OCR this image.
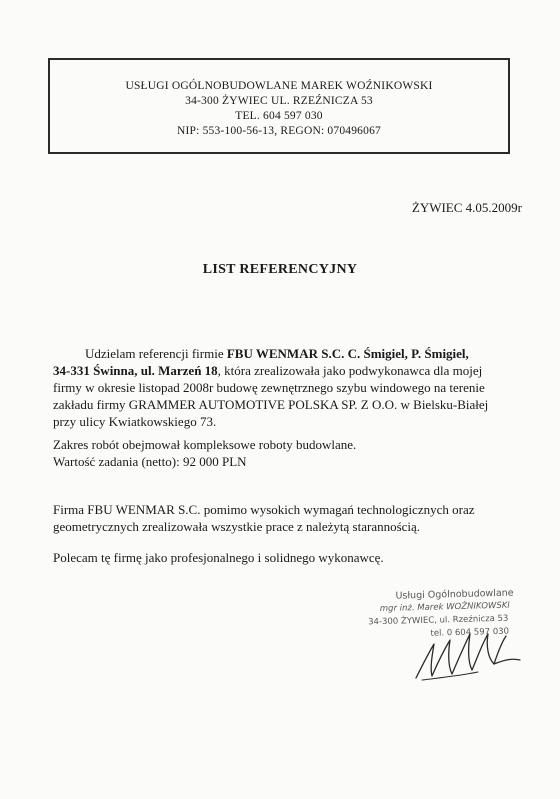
USŁUGI OGÓLNOBUDOWLANE MAREK WOŹNIKOWSKI
34-300 ŻYWIEC UL. RZEŹNICZA 53
TEL. 604 597 030
NIP: 553-100-56-13, REGON: 070496067
ŻYWIEC 4.05.2009r
LIST REFERENCYJNY
Udzielam referencji firmie FBU WENMAR S.C. C. Śmigiel, P. Śmigiel,
34-331 Świnna, ul. Marzeń 18, która zrealizowała jako podwykonawca dla mojej
firmy w okresie listopad 2008r budowę zewnętrznego szybu windowego na terenie
zakładu firmy GRAMMER AUTOMOTIVE POLSKA SP. Z O.O. w Bielsku-Białej
przy ulicy Kwiatkowskiego 73.
Zakres robót obejmował kompleksowe roboty budowlane.
Wartość zadania (netto): 92 000 PLN
Firma FBU WENMAR S.C. pomimo wysokich wymagań technologicznych oraz
geometrycznych zrealizowała wszystkie prace z należytą starannością.
Polecam tę firmę jako profesjonalnego i solidnego wykonawcę.
Usługi Ogólnobudowlane
mgr inż. Marek WOŹNIKOWSKI
34-300 ŻYWIEC, ul. Rzeźnicza 53
tel. 0 604 597 030
